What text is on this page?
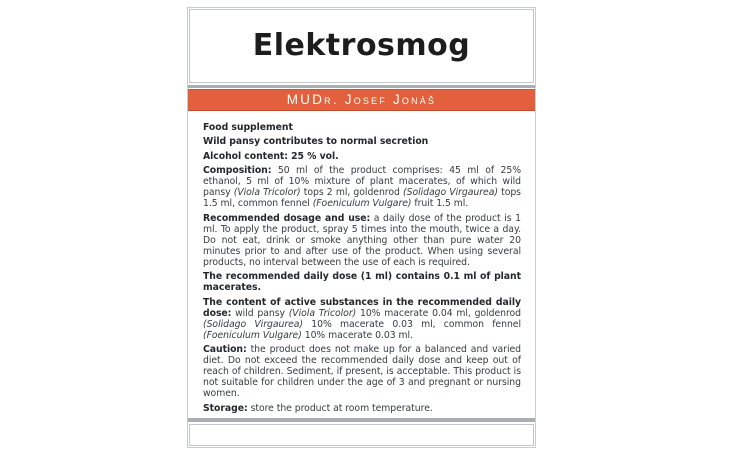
Elektrosmog
MUDr. Josef Jonáš

Food supplement

Wild pansy contributes to normal secretion

Alcohol content: 25 % vol.

Composition: 50 ml of the product comprises: 45 ml of 25% ethanol, 5 ml of 10% mixture of plant macerates, of which wild pansy (Viola Tricolor) tops 2 ml, goldenrod (Solidago Virgaurea) tops 1.5 ml, common fennel (Foeniculum Vulgare) fruit 1.5 ml.

Recommended dosage and use: a daily dose of the product is 1 ml. To apply the product, spray 5 times into the mouth, twice a day. Do not eat, drink or smoke anything other than pure water 20 minutes prior to and after use of the product. When using several products, no interval between the use of each is required.

The recommended daily dose (1 ml) contains 0.1 ml of plant macerates.

The content of active substances in the recommended daily dose: wild pansy (Viola Tricolor) 10% macerate 0.04 ml, goldenrod (Solidago Virgaurea) 10% macerate 0.03 ml, common fennel (Foeniculum Vulgare) 10% macerate 0.03 ml.

Caution: the product does not make up for a balanced and varied diet. Do not exceed the recommended daily dose and keep out of reach of children. Sediment, if present, is acceptable. This product is not suitable for children under the age of 3 and pregnant or nursing women.

Storage: store the product at room temperature.
